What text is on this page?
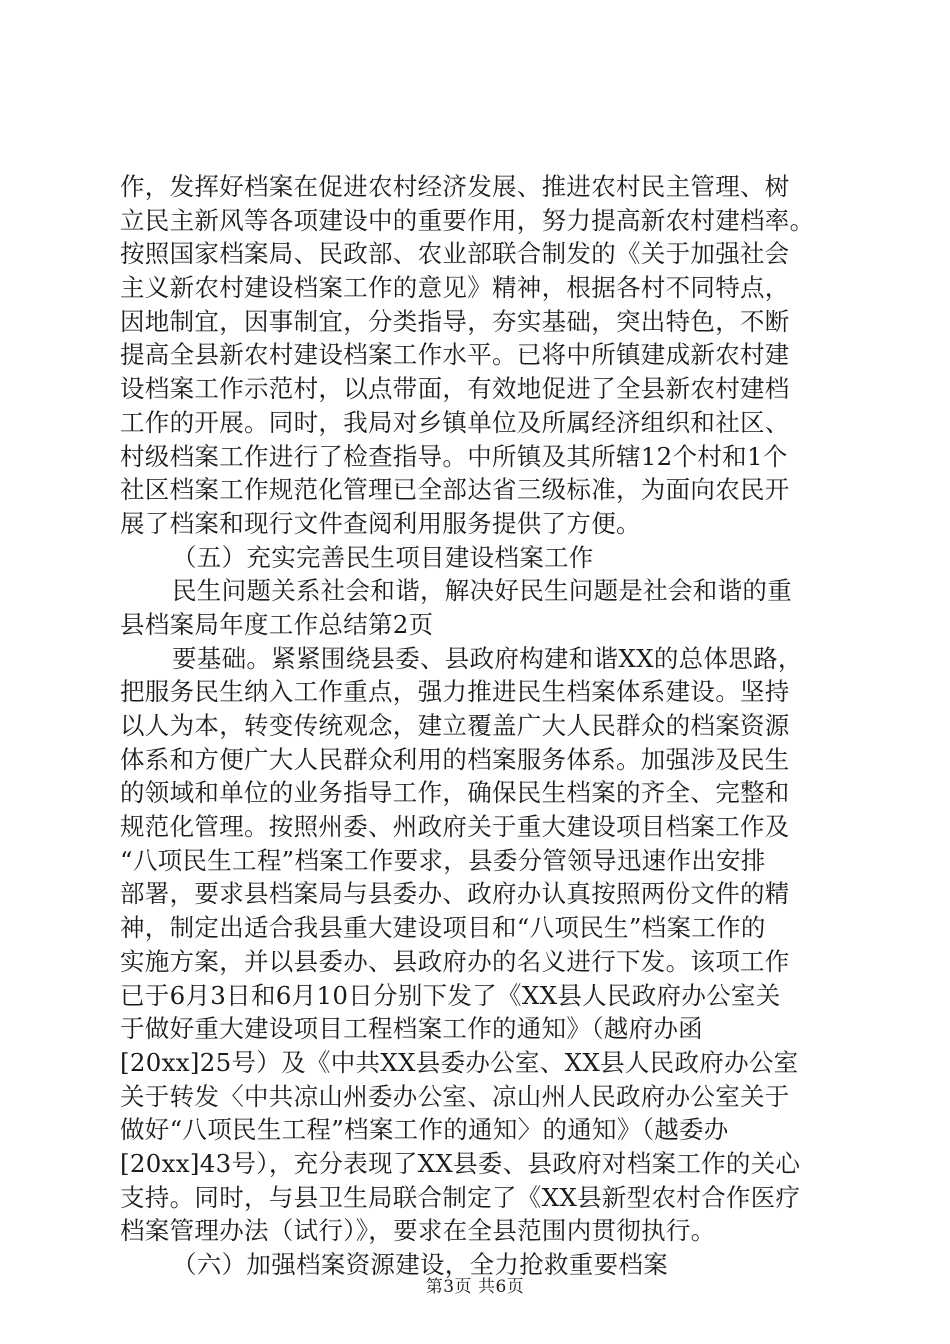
作，发挥好档案在促进农村经济发展、推进农村民主管理、树
立民主新风等各项建设中的重要作用，努力提高新农村建档率。
按照国家档案局、民政部、农业部联合制发的《关于加强社会
主义新农村建设档案工作的意见》精神，根据各村不同特点，
因地制宜，因事制宜，分类指导，夯实基础，突出特色，不断
提高全县新农村建设档案工作水平。已将中所镇建成新农村建
设档案工作示范村，以点带面，有效地促进了全县新农村建档
工作的开展。同时，我局对乡镇单位及所属经济组织和社区、
村级档案工作进行了检查指导。中所镇及其所辖12个村和1个
社区档案工作规范化管理已全部达省三级标准，为面向农民开
展了档案和现行文件查阅利用服务提供了方便。
（五）充实完善民生项目建设档案工作
民生问题关系社会和谐，解决好民生问题是社会和谐的重
县档案局年度工作总结第2页
要基础。紧紧围绕县委、县政府构建和谐XX的总体思路，
把服务民生纳入工作重点，强力推进民生档案体系建设。坚持
以人为本，转变传统观念，建立覆盖广大人民群众的档案资源
体系和方便广大人民群众利用的档案服务体系。加强涉及民生
的领域和单位的业务指导工作，确保民生档案的齐全、完整和
规范化管理。按照州委、州政府关于重大建设项目档案工作及
“八项民生工程”档案工作要求，县委分管领导迅速作出安排
部署，要求县档案局与县委办、政府办认真按照两份文件的精
神，制定出适合我县重大建设项目和“八项民生”档案工作的
实施方案，并以县委办、县政府办的名义进行下发。该项工作
已于6月3日和6月10日分别下发了《XX县人民政府办公室关
于做好重大建设项目工程档案工作的通知》（越府办函
[20xx]25号）及《中共XX县委办公室、XX县人民政府办公室
关于转发〈中共凉山州委办公室、凉山州人民政府办公室关于
做好“八项民生工程”档案工作的通知〉的通知》（越委办
[20xx]43号），充分表现了XX县委、县政府对档案工作的关心
支持。同时，与县卫生局联合制定了《XX县新型农村合作医疗
档案管理办法（试行）》，要求在全县范围内贯彻执行。
（六）加强档案资源建设，全力抢救重要档案
第3页 共6页
